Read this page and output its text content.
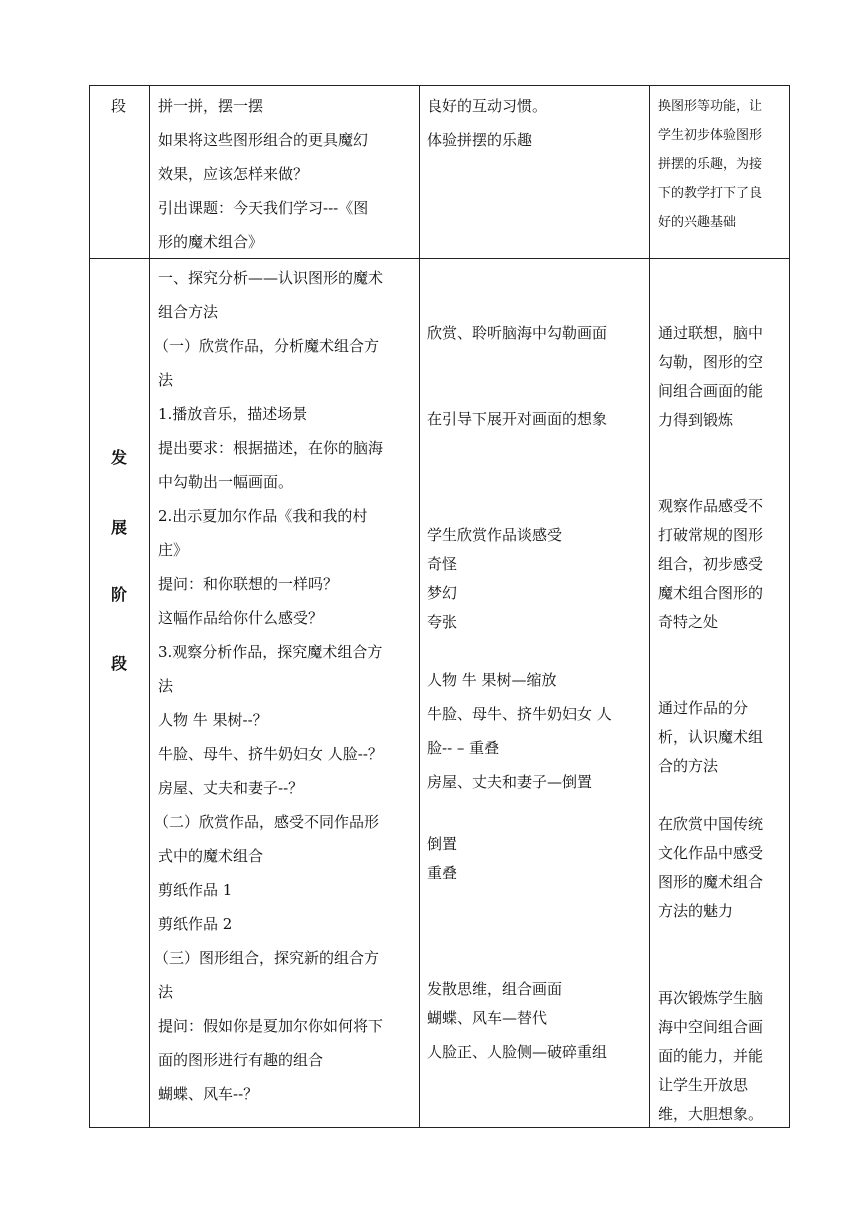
段 拼一拼，摆一摆
如果将这些图形组合的更具魔幻
效果，应该怎样来做？
引出课题：今天我们学习---《图
形的魔术组合》
良好的互动习惯。
体验拼摆的乐趣
换图形等功能，让
学生初步体验图形
拼摆的乐趣，为接
下的教学打下了良
好的兴趣基础
发
展
阶
段
一、探究分析——认识图形的魔术
组合方法
（一）欣赏作品，分析魔术组合方
法
1.播放音乐，描述场景
提出要求：根据描述，在你的脑海
中勾勒出一幅画面。
2.出示夏加尔作品《我和我的村
庄》
提问：和你联想的一样吗？
这幅作品给你什么感受？
3.观察分析作品，探究魔术组合方
法
人物 牛 果树--？
牛脸、母牛、挤牛奶妇女 人脸--？
房屋、丈夫和妻子--？
（二）欣赏作品，感受不同作品形
式中的魔术组合
剪纸作品 1
剪纸作品 2
（三）图形组合，探究新的组合方
法
提问：假如你是夏加尔你如何将下
面的图形进行有趣的组合
蝴蝶、风车--？
欣赏、聆听脑海中勾勒画面
在引导下展开对画面的想象
学生欣赏作品谈感受
奇怪
梦幻
夸张
人物 牛 果树—缩放
牛脸、母牛、挤牛奶妇女 人
脸-- – 重叠
房屋、丈夫和妻子—倒置
倒置
重叠
发散思维，组合画面
蝴蝶、风车—替代
人脸正、人脸侧—破碎重组
通过联想，脑中
勾勒，图形的空
间组合画面的能
力得到锻炼
观察作品感受不
打破常规的图形
组合，初步感受
魔术组合图形的
奇特之处
通过作品的分
析，认识魔术组
合的方法
在欣赏中国传统
文化作品中感受
图形的魔术组合
方法的魅力
再次锻炼学生脑
海中空间组合画
面的能力，并能
让学生开放思
维，大胆想象。
